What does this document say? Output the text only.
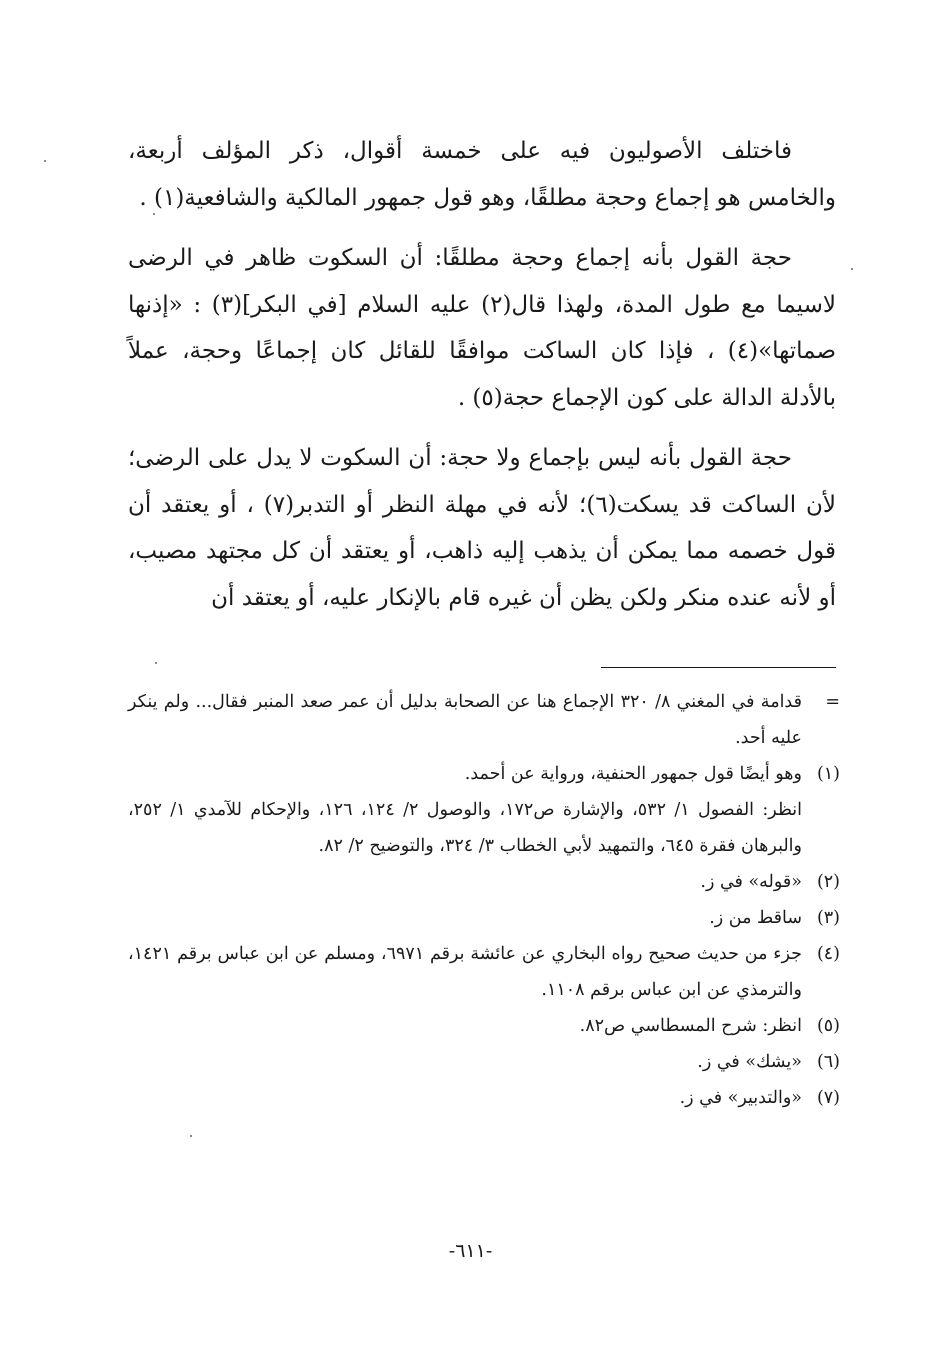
فاختلف الأصوليون فيه على خمسة أقوال، ذكر المؤلف أربعة، والخامس هو إجماع وحجة مطلقًا، وهو قول جمهور المالكية والشافعية(١) .

حجة القول بأنه إجماع وحجة مطلقًا: أن السكوت ظاهر في الرضى لاسيما مع طول المدة، ولهذا قال(٢) عليه السلام [في البكر](٣) : «إذنها صماتها»(٤) ، فإذا كان الساكت موافقًا للقائل كان إجماعًا وحجة، عملاً بالأدلة الدالة على كون الإجماع حجة(٥) .

حجة القول بأنه ليس بإجماع ولا حجة: أن السكوت لا يدل على الرضى؛ لأن الساكت قد يسكت(٦)؛ لأنه في مهلة النظر أو التدبر(٧) ، أو يعتقد أن قول خصمه مما يمكن أن يذهب إليه ذاهب، أو يعتقد أن كل مجتهد مصيب، أو لأنه عنده منكر ولكن يظن أن غيره قام بالإنكار عليه، أو يعتقد أن

=
قدامة في المغني ٨/ ٣٢٠ الإجماع هنا عن الصحابة بدليل أن عمر صعد المنبر فقال... ولم ينكر عليه أحد.
(١)
وهو أيضًا قول جمهور الحنفية، ورواية عن أحمد.
انظر: الفصول ١/ ٥٣٢، والإشارة ص١٧٢، والوصول ٢/ ١٢٤، ١٢٦، والإحكام للآمدي ١/ ٢٥٢، والبرهان فقرة ٦٤٥، والتمهيد لأبي الخطاب ٣/ ٣٢٤، والتوضيح ٢/ ٨٢.
(٢)
«قوله» في ز.
(٣)
ساقط من ز.
(٤)
جزء من حديث صحيح رواه البخاري عن عائشة برقم ٦٩٧١، ومسلم عن ابن عباس برقم ١٤٢١، والترمذي عن ابن عباس برقم ١١٠٨.
(٥)
انظر: شرح المسطاسي ص٨٢.
(٦)
«يشك» في ز.
(٧)
«والتدبير» في ز.
-٦١١-
